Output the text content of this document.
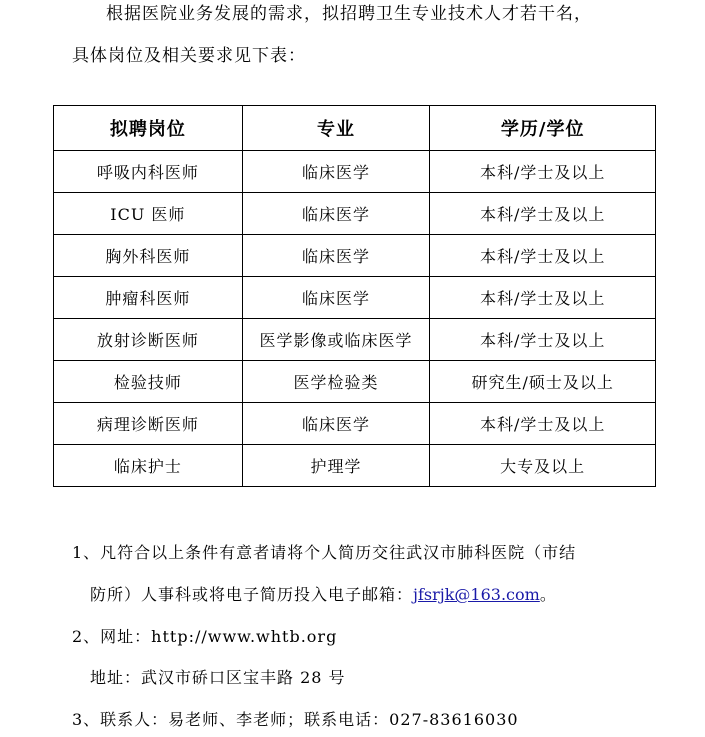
根据医院业务发展的需求，拟招聘卫生专业技术人才若干名，
具体岗位及相关要求见下表：
拟聘岗位	专业	学历/学位
呼吸内科医师	临床医学	本科/学士及以上
ICU 医师	临床医学	本科/学士及以上
胸外科医师	临床医学	本科/学士及以上
肿瘤科医师	临床医学	本科/学士及以上
放射诊断医师	医学影像或临床医学	本科/学士及以上
检验技师	医学检验类	研究生/硕士及以上
病理诊断医师	临床医学	本科/学士及以上
临床护士	护理学	大专及以上
1、凡符合以上条件有意者请将个人简历交往武汉市肺科医院（市结
防所）人事科或将电子简历投入电子邮箱：jfsrjk@163.com。
2、网址：http://www.whtb.org
地址：武汉市硚口区宝丰路 28 号
3、联系人：易老师、李老师；联系电话：027-83616030
